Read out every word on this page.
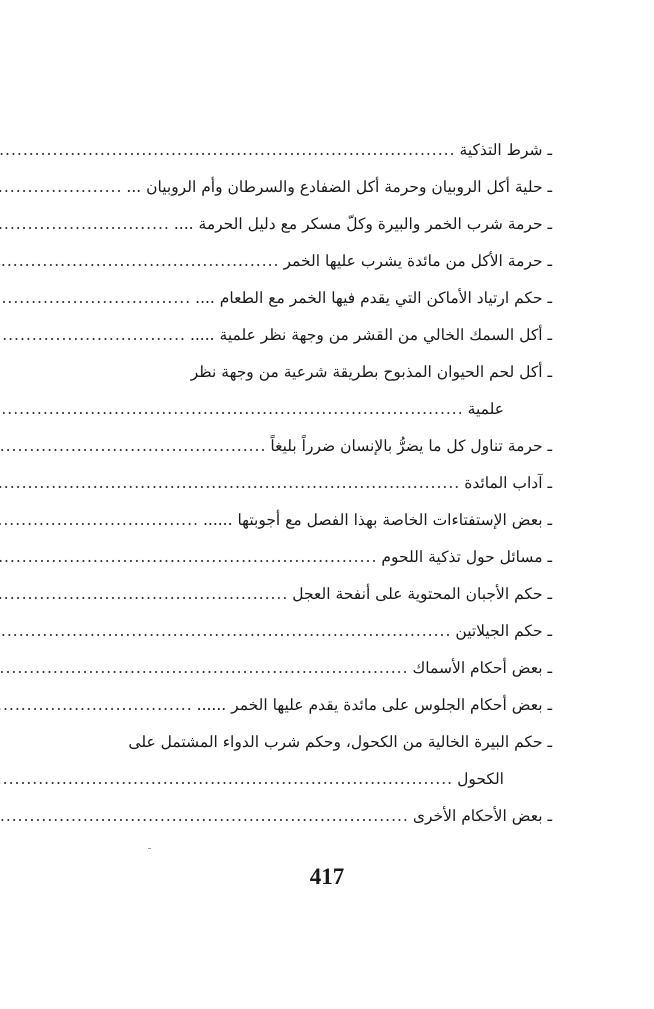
ـ شرط التذكية
.....
ـ حلية أكل الروبيان وحرمة أكل الضفادع والسرطان وأم الروبيان ...
.....
ـ حرمة شرب الخمر والبيرة وكلّ مسكر مع دليل الحرمة ....
.....
ـ حرمة الأكل من مائدة يشرب عليها الخمر
.....
ـ حكم ارتياد الأماكن التي يقدم فيها الخمر مع الطعام ....
.....
ـ أكل السمك الخالي من القشر من وجهة نظر علمية .....
.....
ـ أكل لحم الحيوان المذبوح بطريقة شرعية من وجهة نظر
علمية
.....
ـ حرمة تناول كل ما يضرُّ بالإنسان ضرراً بليغاً
.....
ـ آداب المائدة
.....
ـ بعض الإستفتاءات الخاصة بهذا الفصل مع أجوبتها ......
.....
ـ مسائل حول تذكية اللحوم
.....
ـ حكم الأجبان المحتوية على أنفحة العجل
.....
ـ حكم الجيلاتين
.....
ـ بعض أحكام الأسماك
.....
ـ بعض أحكام الجلوس على مائدة يقدم عليها الخمر ......
.....
ـ حكم البيرة الخالية من الكحول، وحكم شرب الدواء المشتمل على
الكحول
.....
ـ بعض الأحكام الأخرى
.....
417
